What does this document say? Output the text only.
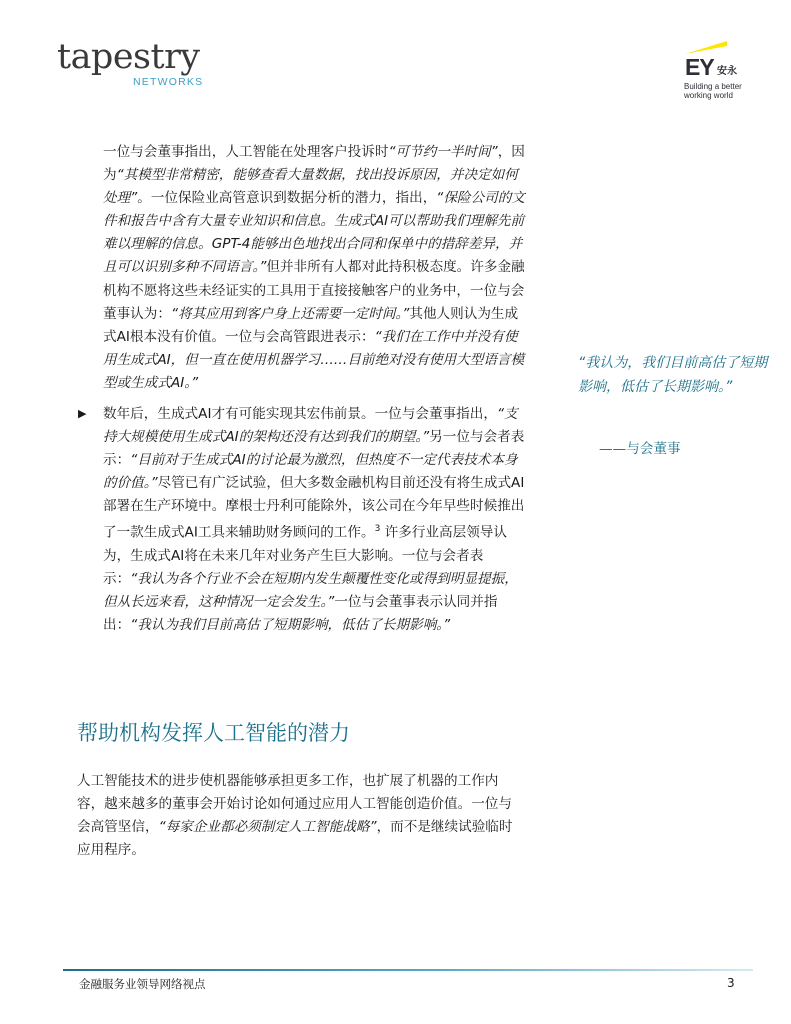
tapestry
NETWORKS
EY 安永
Building a better
working world
一位与会董事指出，人工智能在处理客户投诉时“可节约一半时间”，因为“其模型非常精密，能够查看大量数据，找出投诉原因，并决定如何处理”。一位保险业高管意识到数据分析的潜力，指出，“保险公司的文件和报告中含有大量专业知识和信息。生成式AI可以帮助我们理解先前难以理解的信息。GPT-4能够出色地找出合同和保单中的措辞差异，并且可以识别多种不同语言。”但并非所有人都对此持积极态度。许多金融机构不愿将这些未经证实的工具用于直接接触客户的业务中，一位与会董事认为：“将其应用到客户身上还需要一定时间。”其他人则认为生成式AI根本没有价值。一位与会高管跟进表示：“我们在工作中并没有使用生成式AI，但一直在使用机器学习……目前绝对没有使用大型语言模型或生成式AI。”
▶ 数年后，生成式AI才有可能实现其宏伟前景。一位与会董事指出，“支持大规模使用生成式AI的架构还没有达到我们的期望。”另一位与会者表示：“目前对于生成式AI的讨论最为激烈，但热度不一定代表技术本身的价值。”尽管已有广泛试验，但大多数金融机构目前还没有将生成式AI部署在生产环境中。摩根士丹利可能除外，该公司在今年早些时候推出了一款生成式AI工具来辅助财务顾问的工作。$^3$ 许多行业高层领导认为，生成式AI将在未来几年对业务产生巨大影响。一位与会者表示：“我认为各个行业不会在短期内发生颠覆性变化或得到明显提振，但从长远来看，这种情况一定会发生。”一位与会董事表示认同并指出：“我认为我们目前高估了短期影响，低估了长期影响。”
“我认为，我们目前高估了短期影响，低估了长期影响。”
——与会董事
帮助机构发挥人工智能的潜力
人工智能技术的进步使机器能够承担更多工作，也扩展了机器的工作内容，越来越多的董事会开始讨论如何通过应用人工智能创造价值。一位与会高管坚信，“每家企业都必须制定人工智能战略”，而不是继续试验临时应用程序。
金融服务业领导网络视点	3
